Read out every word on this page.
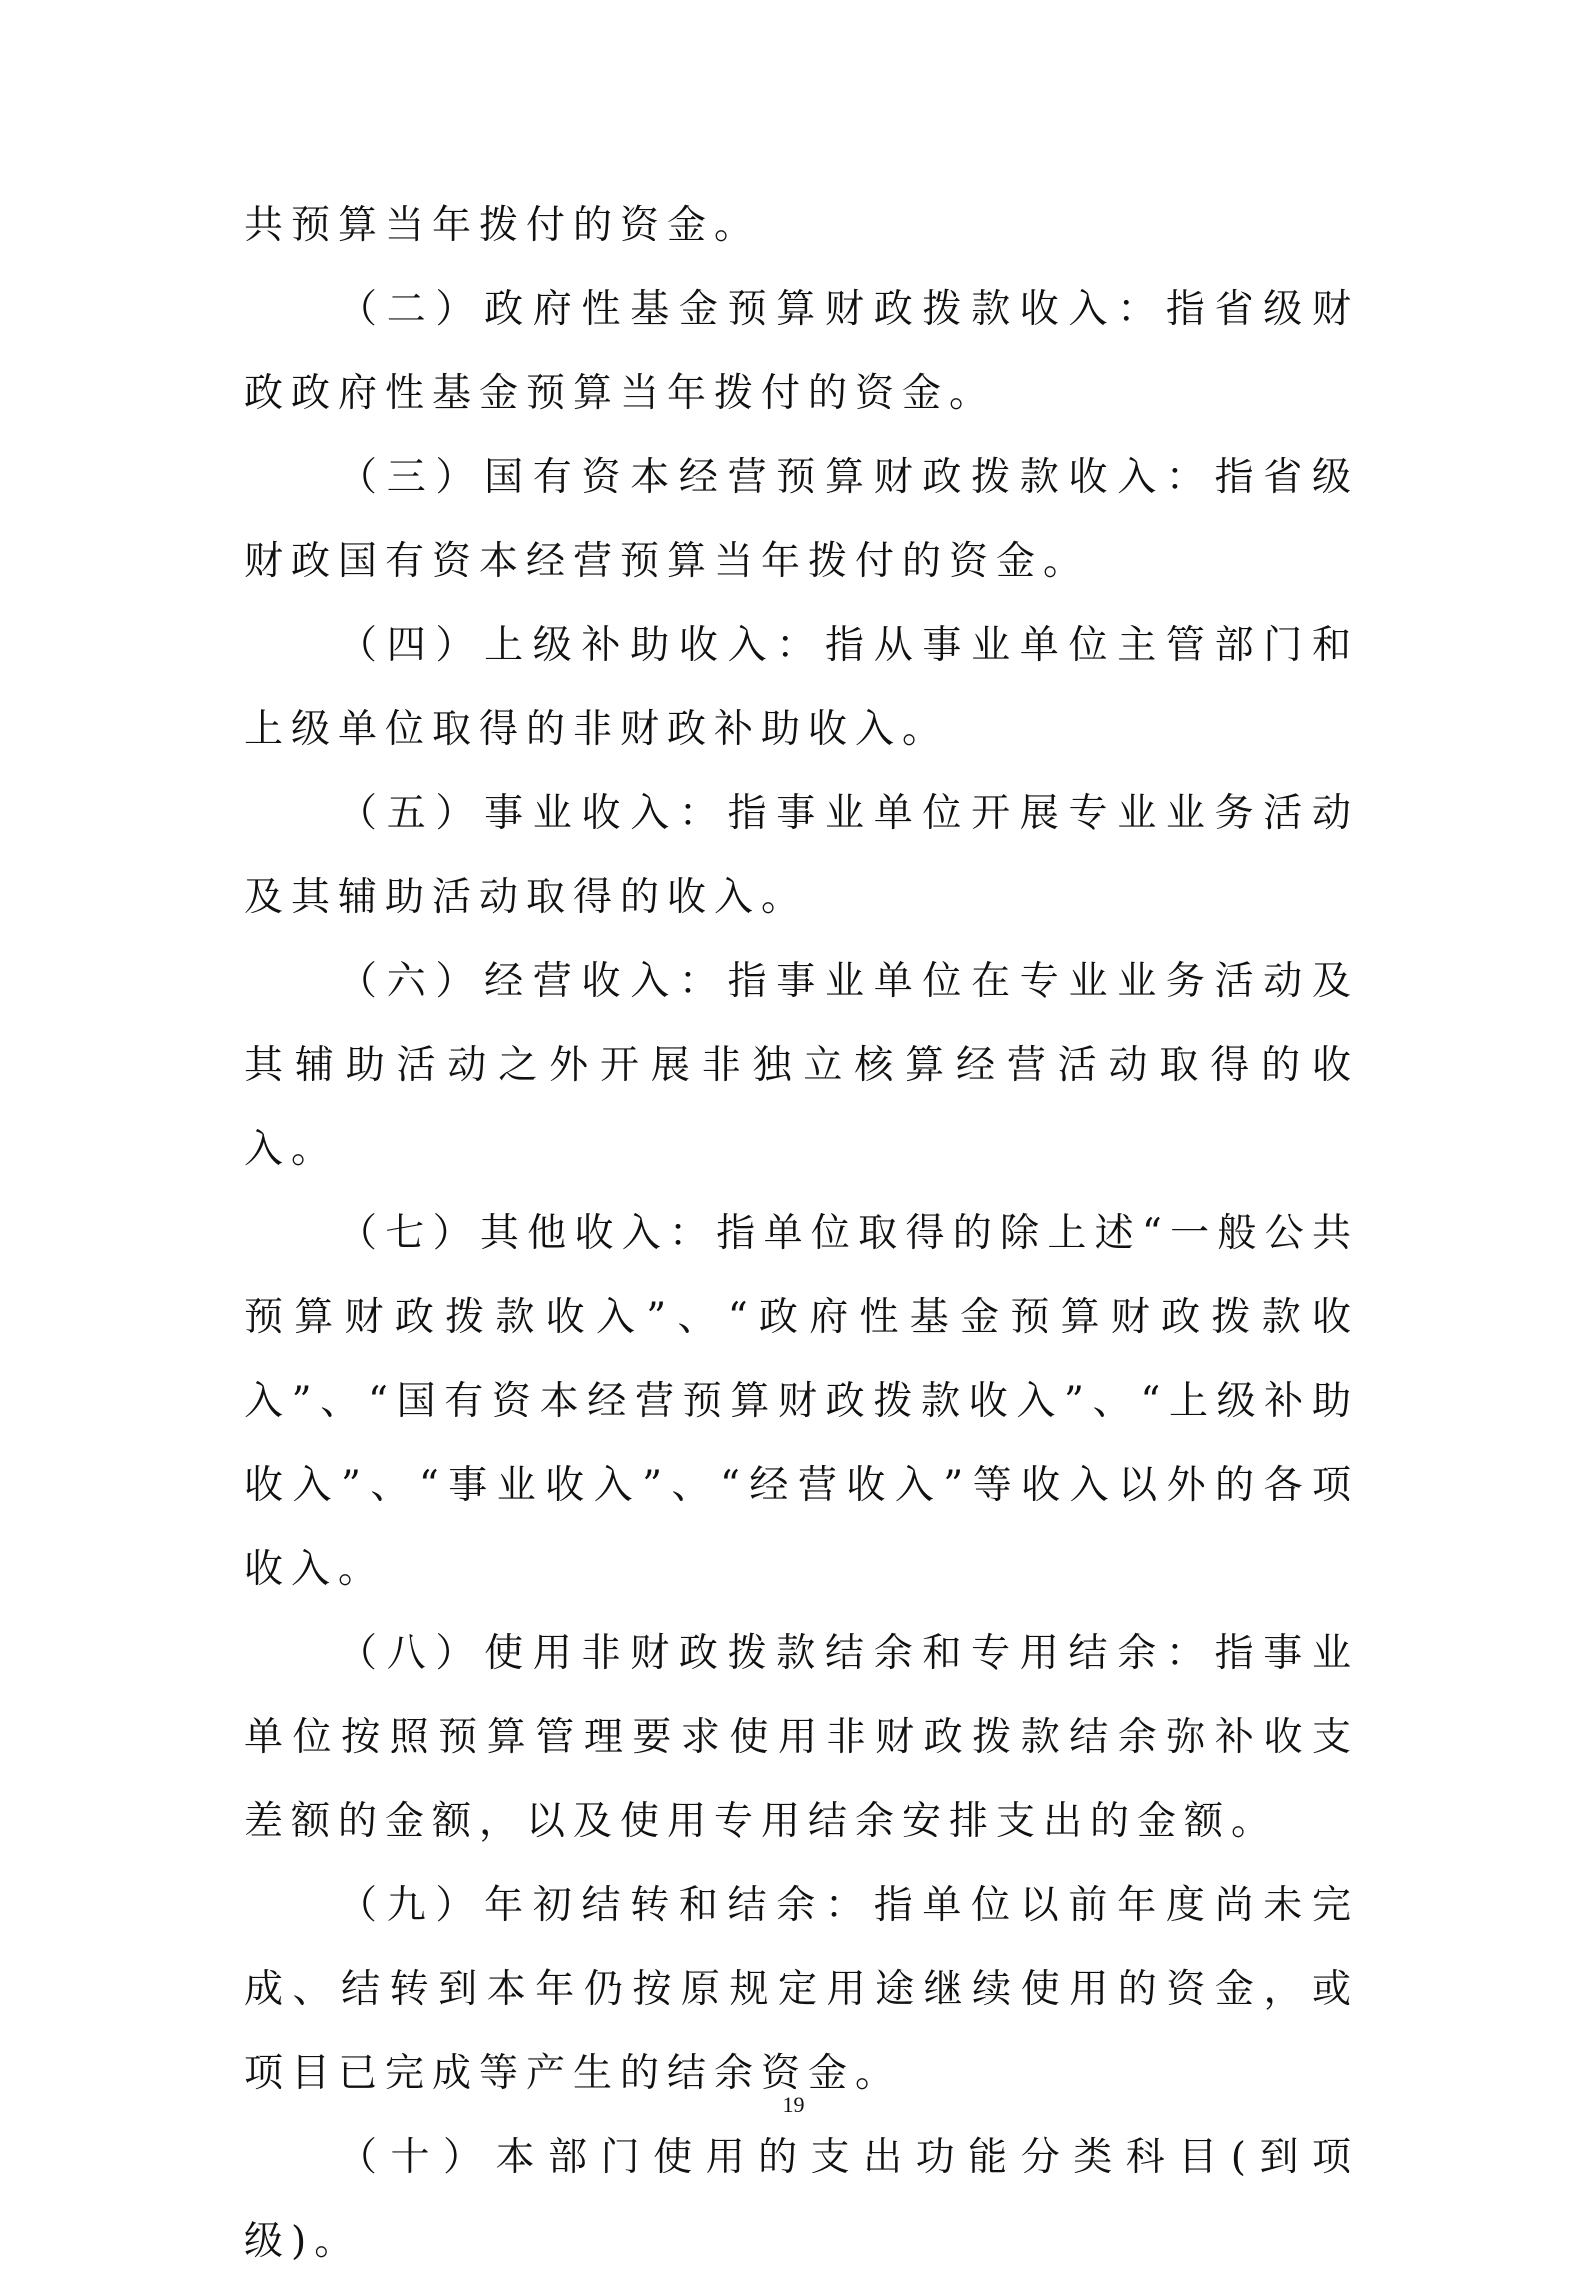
共预算当年拨付的资金。

（二）政府性基金预算财政拨款收入：指省级财政政府性基金预算当年拨付的资金。

（三）国有资本经营预算财政拨款收入：指省级财政国有资本经营预算当年拨付的资金。

（四）上级补助收入：指从事业单位主管部门和上级单位取得的非财政补助收入。

（五）事业收入：指事业单位开展专业业务活动及其辅助活动取得的收入。

（六）经营收入：指事业单位在专业业务活动及其辅助活动之外开展非独立核算经营活动取得的收入。

（七）其他收入：指单位取得的除上述“一般公共预算财政拨款收入”、“政府性基金预算财政拨款收入”、“国有资本经营预算财政拨款收入”、“上级补助收入”、“事业收入”、“经营收入”等收入以外的各项收入。

（八）使用非财政拨款结余和专用结余：指事业单位按照预算管理要求使用非财政拨款结余弥补收支差额的金额，以及使用专用结余安排支出的金额。

（九）年初结转和结余：指单位以前年度尚未完成、结转到本年仍按原规定用途继续使用的资金，或项目已完成等产生的结余资金。

（十）本部门使用的支出功能分类科目(到项级)。

19
